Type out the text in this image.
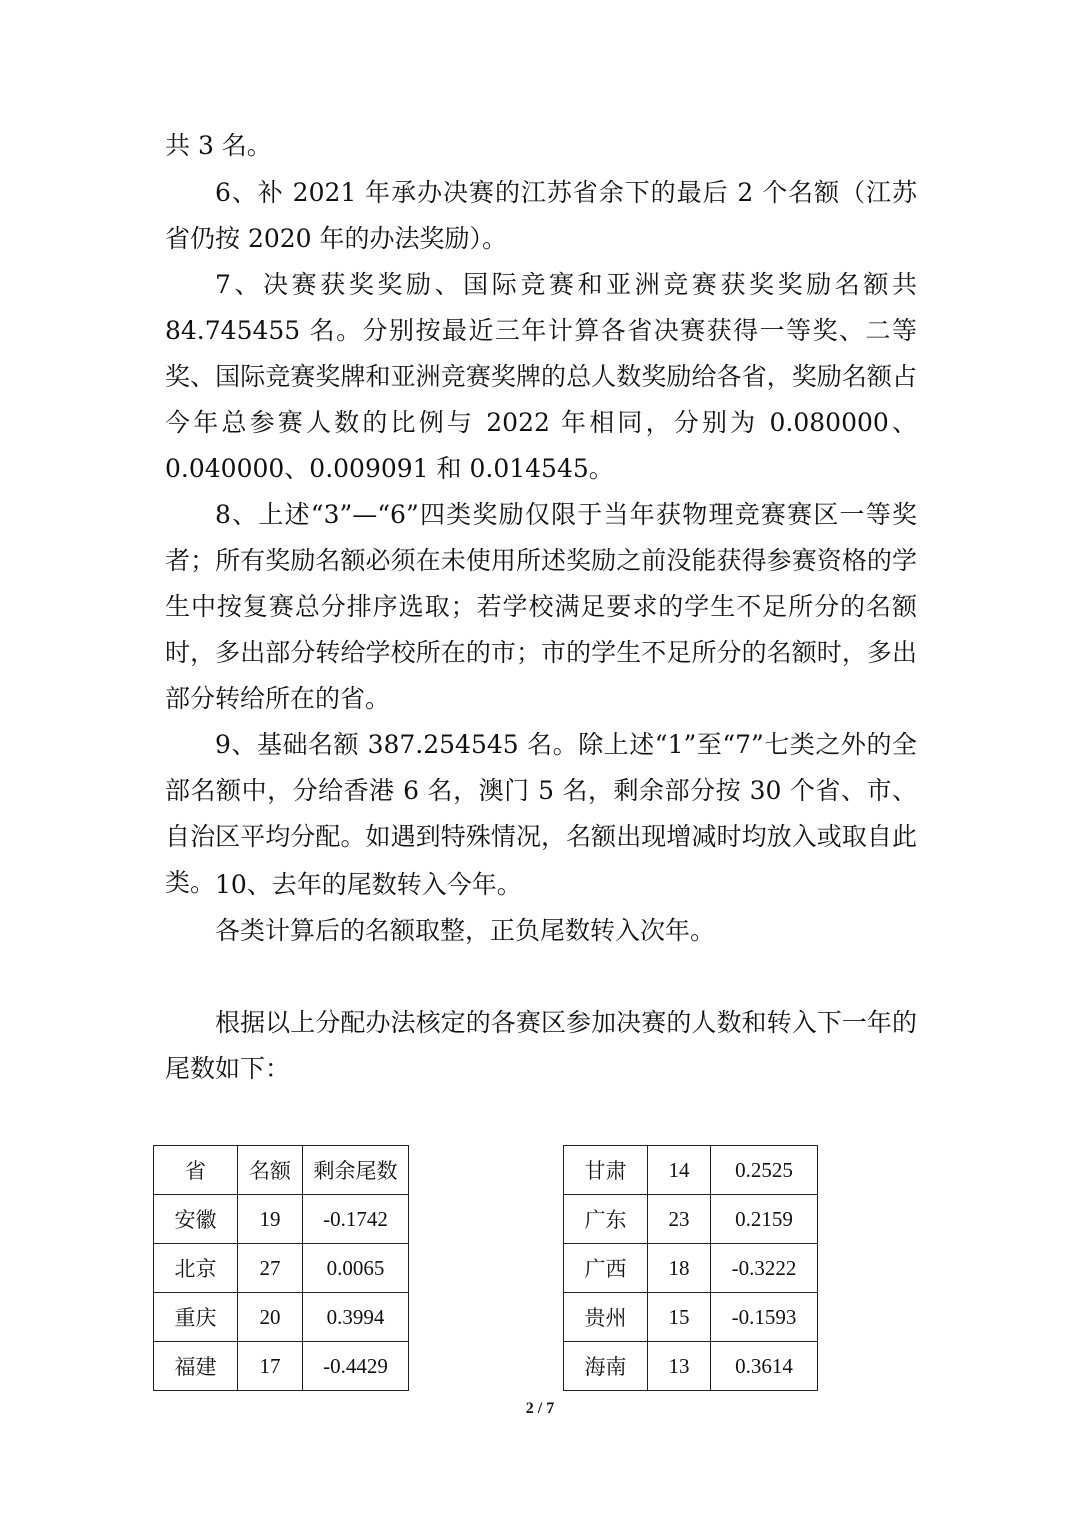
共 3 名。

6、补 2021 年承办决赛的江苏省余下的最后 2 个名额（江苏省仍按 2020 年的办法奖励）。

7、决赛获奖奖励、国际竞赛和亚洲竞赛获奖奖励名额共 84.745455 名。分别按最近三年计算各省决赛获得一等奖、二等奖、国际竞赛奖牌和亚洲竞赛奖牌的总人数奖励给各省，奖励名额占今年总参赛人数的比例与 2022 年相同，分别为 0.080000、0.040000、0.009091 和 0.014545。

8、上述“3”—“6”四类奖励仅限于当年获物理竞赛赛区一等奖者；所有奖励名额必须在未使用所述奖励之前没能获得参赛资格的学生中按复赛总分排序选取；若学校满足要求的学生不足所分的名额时，多出部分转给学校所在的市；市的学生不足所分的名额时，多出部分转给所在的省。

9、基础名额 387.254545 名。除上述“1”至“7”七类之外的全部名额中，分给香港 6 名，澳门 5 名，剩余部分按 30 个省、市、自治区平均分配。如遇到特殊情况，名额出现增减时均放入或取自此类。 10、去年的尾数转入今年。

各类计算后的名额取整，正负尾数转入次年。

根据以上分配办法核定的各赛区参加决赛的人数和转入下一年的尾数如下：

省	名额	剩余尾数
安徽	19	-0.1742
北京	27	0.0065
重庆	20	0.3994
福建	17	-0.4429
甘肃	14	0.2525
广东	23	0.2159
广西	18	-0.3222
贵州	15	-0.1593
海南	13	0.3614
2 / 7
